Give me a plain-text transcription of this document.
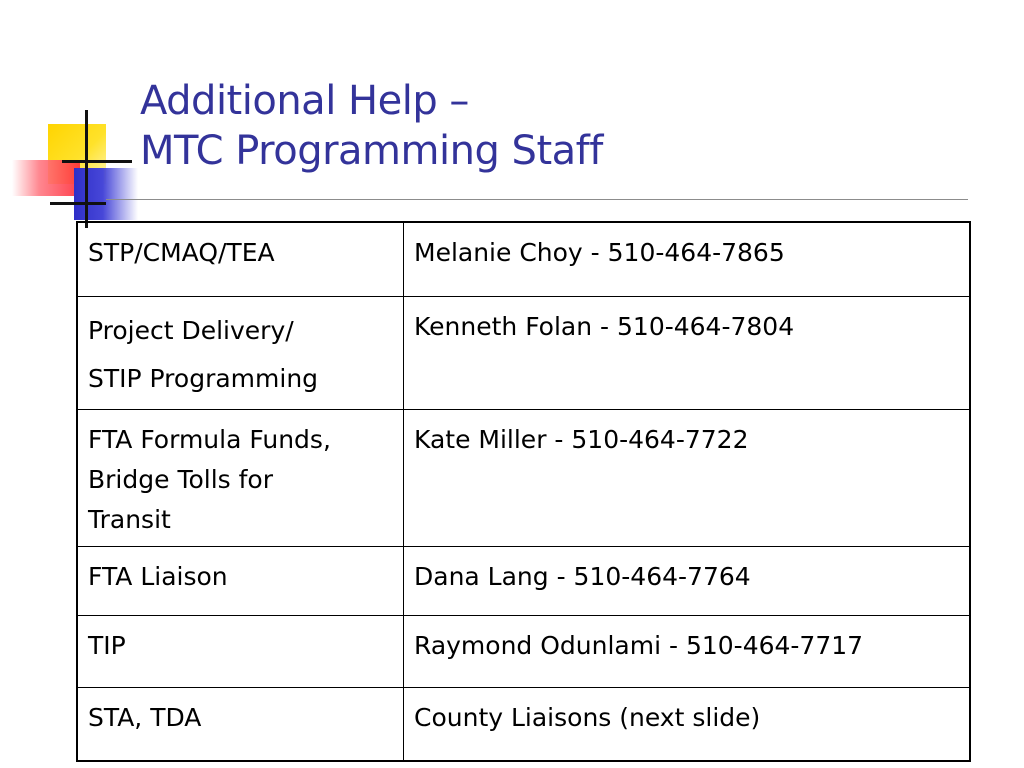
Additional Help –
MTC Programming Staff
STP/CMAQ/TEA	Melanie Choy - 510-464-7865

Project Delivery/
STIP Programming	Kenneth Folan - 510-464-7804

FTA Formula Funds,
Bridge Tolls for
Transit	Kate Miller - 510-464-7722

FTA Liaison	Dana Lang - 510-464-7764

TIP	Raymond Odunlami - 510-464-7717

STA, TDA	County Liaisons (next slide)
